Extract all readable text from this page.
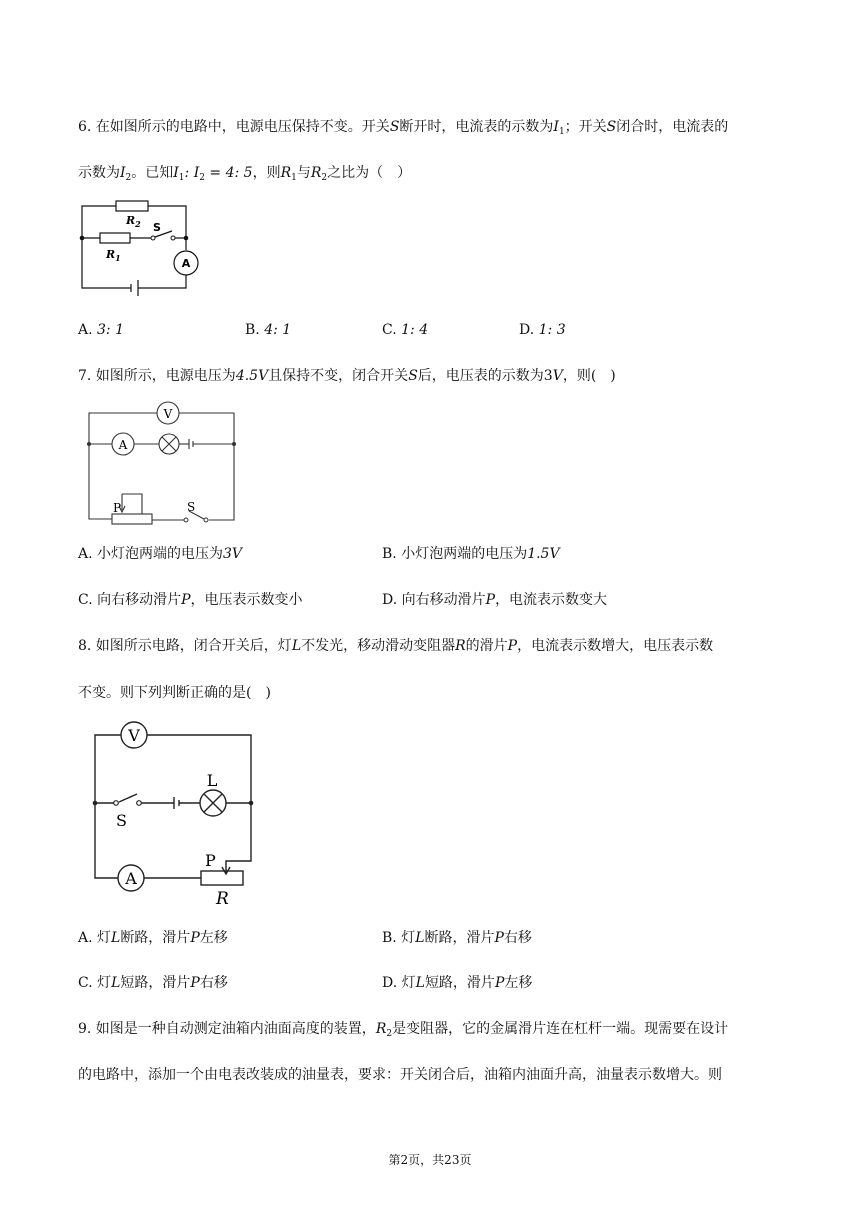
6. 在如图所示的电路中，电源电压保持不变。开关S断开时，电流表的示数为$I_1$；开关S闭合时，电流表的
示数为$I_2$。已知$I_1$: $I_2 = 4$: 5，则$R_1$与$R_2$之比为（　）
$R_2$
$R_1$
S
A
A. 3: 1	B. 4: 1	C. 1: 4	D. 1: 3
7. 如图所示，电源电压为4.5V且保持不变，闭合开关S后，电压表的示数为3V，则(　)
V
A
P	S
A. 小灯泡两端的电压为3V	B. 小灯泡两端的电压为1.5V
C. 向右移动滑片P，电压表示数变小	D. 向右移动滑片P，电流表示数变大
8. 如图所示电路，闭合开关后，灯L不发光，移动滑动变阻器R的滑片P，电流表示数增大，电压表示数
不变。则下列判断正确的是(　)
V
L
S
P
A
R
A. 灯L断路，滑片P左移	B. 灯L断路，滑片P右移
C. 灯L短路，滑片P右移	D. 灯L短路，滑片P左移
9. 如图是一种自动测定油箱内油面高度的装置，$R_2$是变阻器，它的金属滑片连在杠杆一端。现需要在设计
的电路中，添加一个由电表改装成的油量表，要求：开关闭合后，油箱内油面升高，油量表示数增大。则
第2页，共23页
